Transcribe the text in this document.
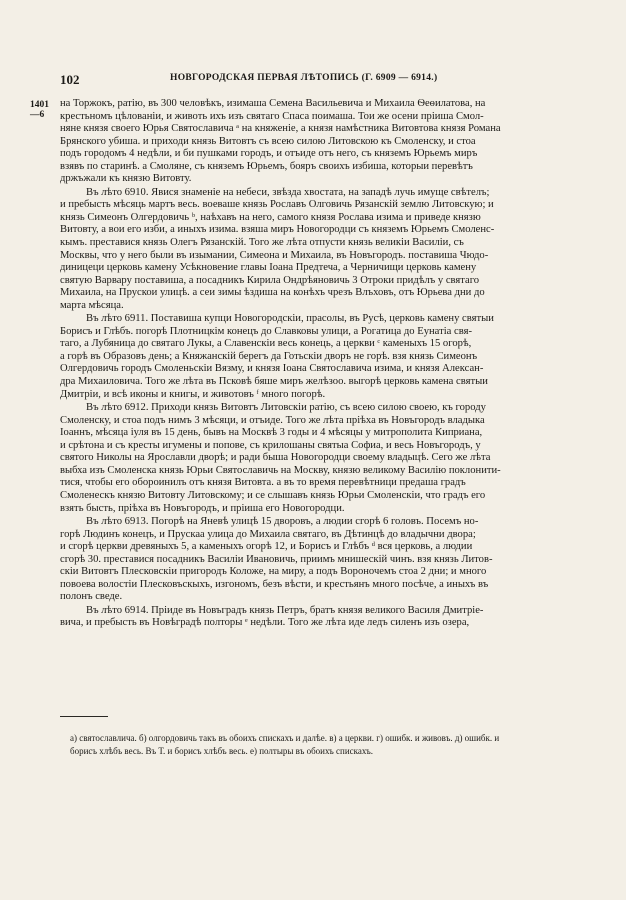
102	НОВГОРОДСКАЯ ПЕРВАЯ ЛѢТОПИСЬ (Г. 6909 — 6914.)
1401
—6

на Торжокъ, ратію, въ 300 человѣкъ, изимаша Семена Васильевича и Михаила Ѳеѳилатова, на
крестьномъ цѣлованіи, и животь ихъ изъ святаго Спаса поимаша. Тои же осени пріиша Смол-
няне князя своего Юрья Святославича ᵃ на княженіе, а князя намѣстника Витовтова князя Романа
Брянского убиша. и приходи князь Витовтъ съ всею силою Литовскою къ Смоленску, и стоа
подъ городомъ 4 недѣли, и би пушками городъ, и отъиде отъ него, съ княземъ Юрьемъ миръ
взявъ по старинѣ. а Смоляне, съ княземъ Юрьемъ, бояръ своихъ избиша, которыи перевѣтъ
држъжали къ князю Витовту.

Въ лѣто 6910. Явися знаменіе на небеси, звѣзда хвостата, на западѣ лучь имуще свѣтелъ;
и пребысть мѣсяць мартъ весь. воеваше князь Рославъ Олговичь Рязанскій землю Литовскую; и
князь Симеонъ Олгердовичь ᵇ, наѣхавъ на него, самого князя Рослава изима и приведе князю
Витовту, а вои его изби, а иныхъ изима. взяша миръ Новогородци съ княземъ Юрьемъ Смоленс-
кымъ. преставися князь Олегъ Рязанскій. Того же лѣта отпусти князь великіи Василіи, съ
Москвы, что у него были въ изымании, Симеона и Михаила, въ Новъгородъ. поставиша Чюдо-
диницеци церковь камену Усѣкновение главы Іоана Предтеча, а Черничищи церковь камену
святую Варвару поставиша, а посадникъ Кирила Ондрѣяновичь 3 Отроки придѣлъ у святаго
Михаила, на Прускои улицѣ. а сеи зимы ѣздиша на конѣхъ чрезъ Влъховъ, отъ Юрьева дни до
марта мѣсяца.

Въ лѣто 6911. Поставиша купци Новогородскіи, прасолы, въ Русѣ, церковь камену святыи
Борисъ и Глѣбъ. погорѣ Плотницкім конецъ до Славковы улици, а Рогатица до Еунатіа свя-
таго, а Лубяница до святаго Лукы, а Славенскіи весь конець, а церкви ᶜ каменыхъ 15 огорѣ,
а горѣ въ Образовъ день; а Княжанскій берегъ да Готьскіи дворъ не горѣ. взя князь Симеонъ
Олгердовичь городъ Смоленьскіи Вязму, и князя Іоана Святославича изима, и князя Алексан-
дра Михаиловича. Того же лѣта въ Псковѣ бяше миръ желѣзоо. выгорѣ церковь камена святыи
Дмитріи, и всѣ иконы и книгы, и животовъ ᶠ много погорѣ.

Въ лѣто 6912. Приходи князь Витовтъ Литовскіи ратію, съ всею силою своею, къ городу
Смоленску, и стоа подъ нимъ 3 мѣсяци, и отъиде. Того же лѣта пріѣха въ Новъгородъ владыка
Іоаннъ, мѣсяца іуля въ 15 день, бывъ на Москвѣ 3 годы и 4 мѣсяцы у митрополита Киприана,
и срѣтона и съ кресты игумены и попове, съ крилошаны святыа Софиа, и весь Новъгородъ, у
святого Николы на Ярославли дворѣ; и ради быша Новогородци своему владыцѣ. Сего же лѣта
выбха изъ Смоленска князь Юрьи Святославичь на Москву, князю великому Василію поклонити-
тися, чтобы его обороинилъ отъ князя Витовта. а въ то время перевѣтници предаша градъ
Смоленескъ князю Витовту Литовскому; и се слышавъ князь Юрьи Смоленскіи, что градъ его
взять бысть, пріѣха въ Новъгородъ, и пріиша его Новогородци.

Въ лѣто 6913. Погорѣ на Яневѣ улицѣ 15 дворовъ, а людии сгорѣ 6 головъ. Посемъ но-
горѣ Людинъ конецъ, и Прускаа улица до Михаила святаго, въ Дѣтинцѣ до владычни двора;
и сгорѣ церкви древяныхъ 5, а каменыхъ огорѣ 12, и Борисъ и Глѣбъ ᵈ вся церковь, а людии
сгорѣ 30. преставися посадникъ Василіи Ивановичь, приимъ мнишескій чинъ. взя князь Литов-
скіи Витовтъ Плесковскіи пригородъ Коложе, на миру, а подъ Вороночемъ стоа 2 дни; и много
повоева волостіи Плесковъскыхъ, изгономъ, безъ вѣсти, и крестьянъ много посѣче, а иныхъ въ
полонъ сведе.

Въ лѣто 6914. Пріиде въ Новъградъ князь Петръ, братъ князя великого Василя Дмитріе-
вича, и пребысть въ Новѣградѣ полторы ᵉ недѣли. Того же лѣта иде ледъ силенъ изъ озера,

а) святославлича. б) олгордовичь такъ въ обоихъ спискахъ и далѣе. в) а церкви. г) ошибк. и живовъ. д) ошибк. и
борисъ хлѣбъ весь. Въ Т. и борисъ хлѣбъ весь. е) полтыры въ обоихъ спискахъ.
